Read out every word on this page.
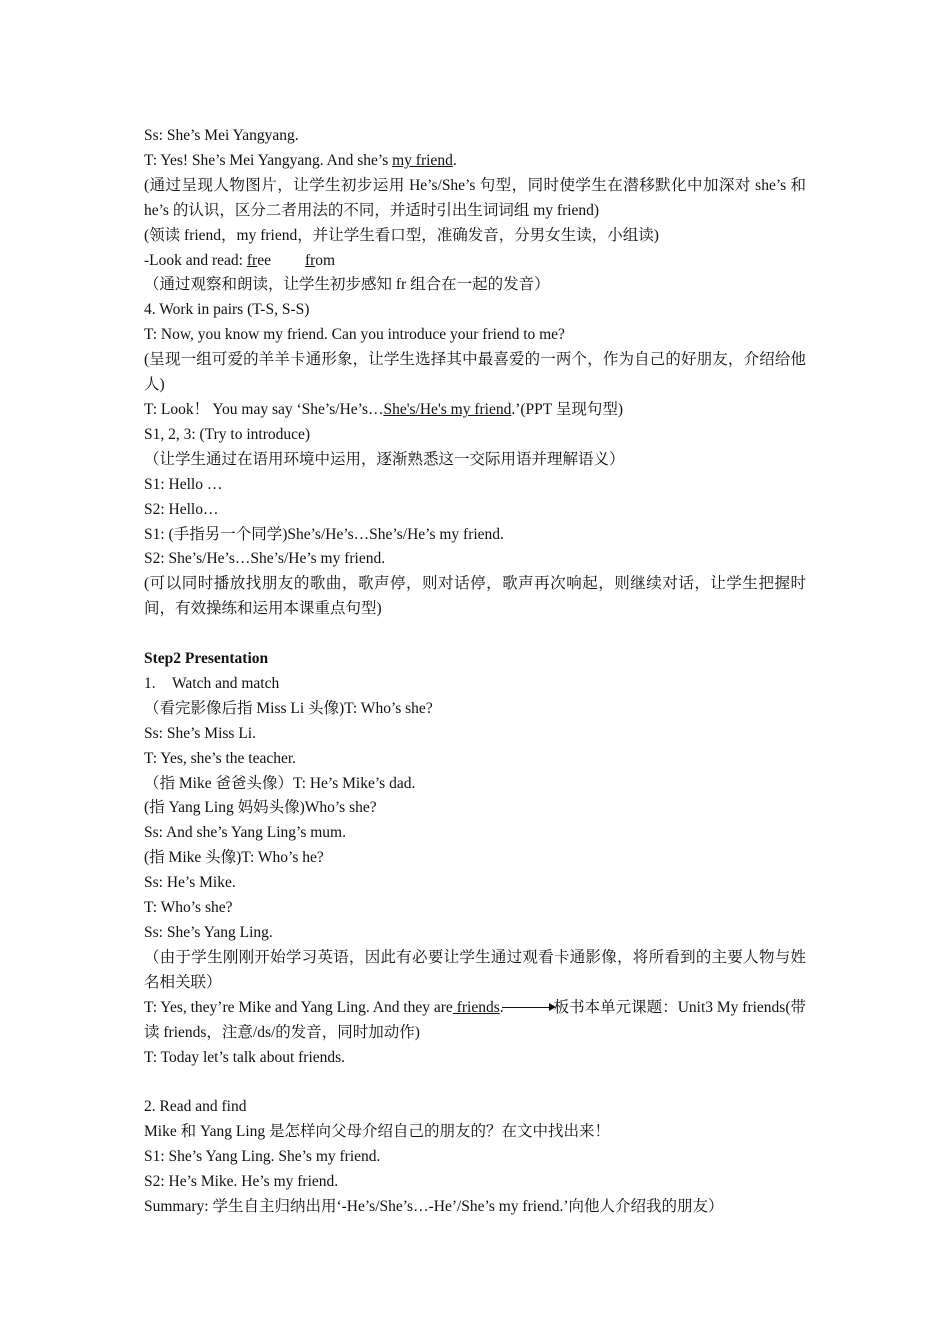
Ss: She’s Mei Yangyang.
T: Yes! She’s Mei Yangyang. And she’s my friend.
(通过呈现人物图片，让学生初步运用 He’s/She’s 句型，同时使学生在潜移默化中加深对 she’s 和 he’s 的认识，区分二者用法的不同，并适时引出生词词组 my friend)
(领读 friend，my friend，并让学生看口型，准确发音，分男女生读，小组读)
-Look and read: free from
（通过观察和朗读，让学生初步感知 fr 组合在一起的发音）
4. Work in pairs (T-S, S-S)
T: Now, you know my friend. Can you introduce your friend to me?
(呈现一组可爱的羊羊卡通形象，让学生选择其中最喜爱的一两个，作为自己的好朋友，介绍给他人)
T: Look！ You may say ‘She’s/He’s…She's/He's my friend.’(PPT 呈现句型)
S1, 2, 3: (Try to introduce)
（让学生通过在语用环境中运用，逐渐熟悉这一交际用语并理解语义）
S1: Hello …
S2: Hello…
S1: (手指另一个同学)She’s/He’s…She’s/He’s my friend.
S2: She’s/He’s…She’s/He’s my friend.
(可以同时播放找朋友的歌曲，歌声停，则对话停，歌声再次响起，则继续对话，让学生把握时间，有效操练和运用本课重点句型)
Step2 Presentation
1. Watch and match
（看完影像后指 Miss Li 头像)T: Who’s she?
Ss: She’s Miss Li.
T: Yes, she’s the teacher.
（指 Mike 爸爸头像）T: He’s Mike’s dad.
(指 Yang Ling 妈妈头像)Who’s she?
Ss: And she’s Yang Ling’s mum.
(指 Mike 头像)T: Who’s he?
Ss: He’s Mike.
T: Who’s she?
Ss: She’s Yang Ling.
（由于学生刚刚开始学习英语，因此有必要让学生通过观看卡通影像，将所看到的主要人物与姓名相关联）
T: Yes, they’re Mike and Yang Ling. And they are friends.	板书本单元课题：Unit3 My friends(带读 friends，注意/ds/的发音，同时加动作)
T: Today let’s talk about friends.
2. Read and find
Mike 和 Yang Ling 是怎样向父母介绍自己的朋友的？在文中找出来！
S1: She’s Yang Ling. She’s my friend.
S2: He’s Mike. He’s my friend.
Summary: 学生自主归纳出用‘-He’s/She’s…-He’/She’s my friend.’向他人介绍我的朋友）
